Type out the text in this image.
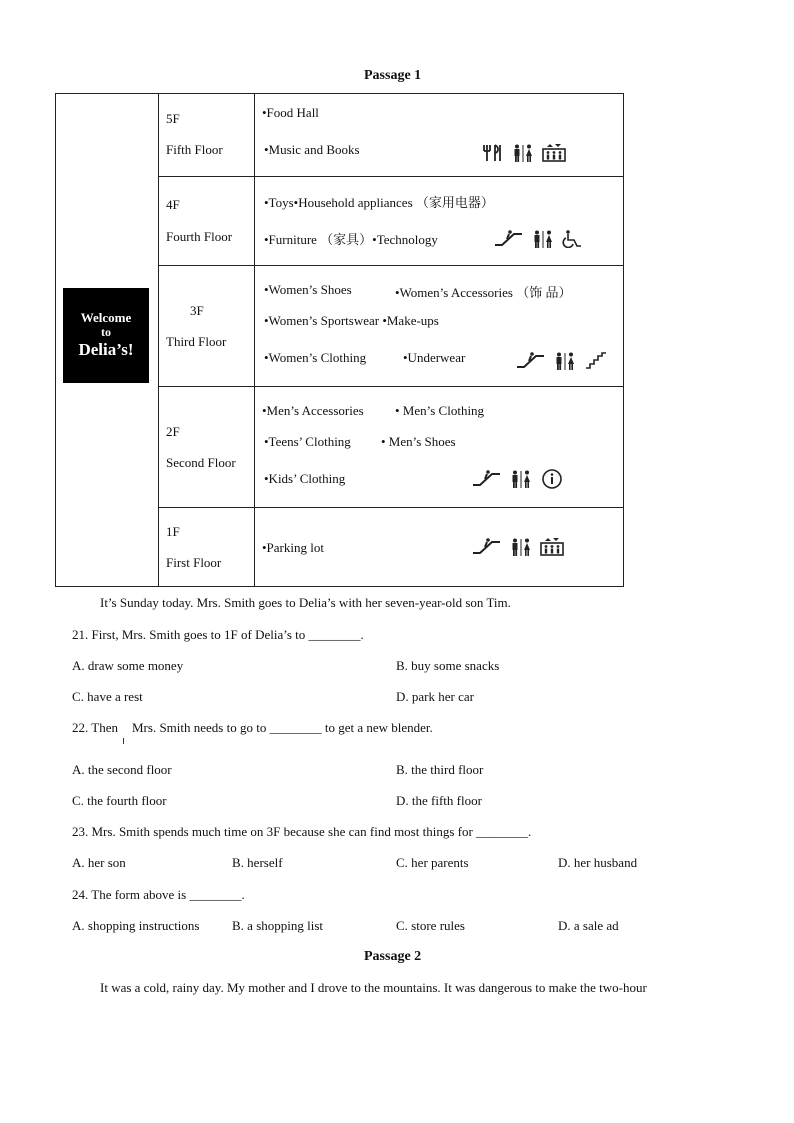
Passage 1
Welcome
to
Delia’s!
5F
Fifth Floor
•Food Hall
•Music and Books
4F
Fourth Floor
•Toys•Household appliances （家用电器）
•Furniture （家具）•Technology
3F
Third Floor
•Women’s Shoes	•Women’s Accessories （饰 品）
•Women’s Sportswear •Make-ups
•Women’s Clothing	•Underwear
2F
Second Floor
•Men’s Accessories • Men’s Clothing
•Teens’ Clothing • Men’s Shoes
•Kids’ Clothing
1F
First Floor
•Parking lot
It’s Sunday today. Mrs. Smith goes to Delia’s with her seven-year-old son Tim.
21. First, Mrs. Smith goes to 1F of Delia’s to ________.
A. draw some money	B. buy some snacks
C. have a rest	D. park her car
22. Then Mrs. Smith needs to go to ________ to get a new blender.
A. the second floor	B. the third floor
C. the fourth floor	D. the fifth floor
23. Mrs. Smith spends much time on 3F because she can find most things for ________.
A. her son	B. herself	C. her parents	D. her husband
24. The form above is ________.
A. shopping instructions	B. a shopping list	C. store rules	D. a sale ad
Passage 2
It was a cold, rainy day. My mother and I drove to the mountains. It was dangerous to make the two-hour
